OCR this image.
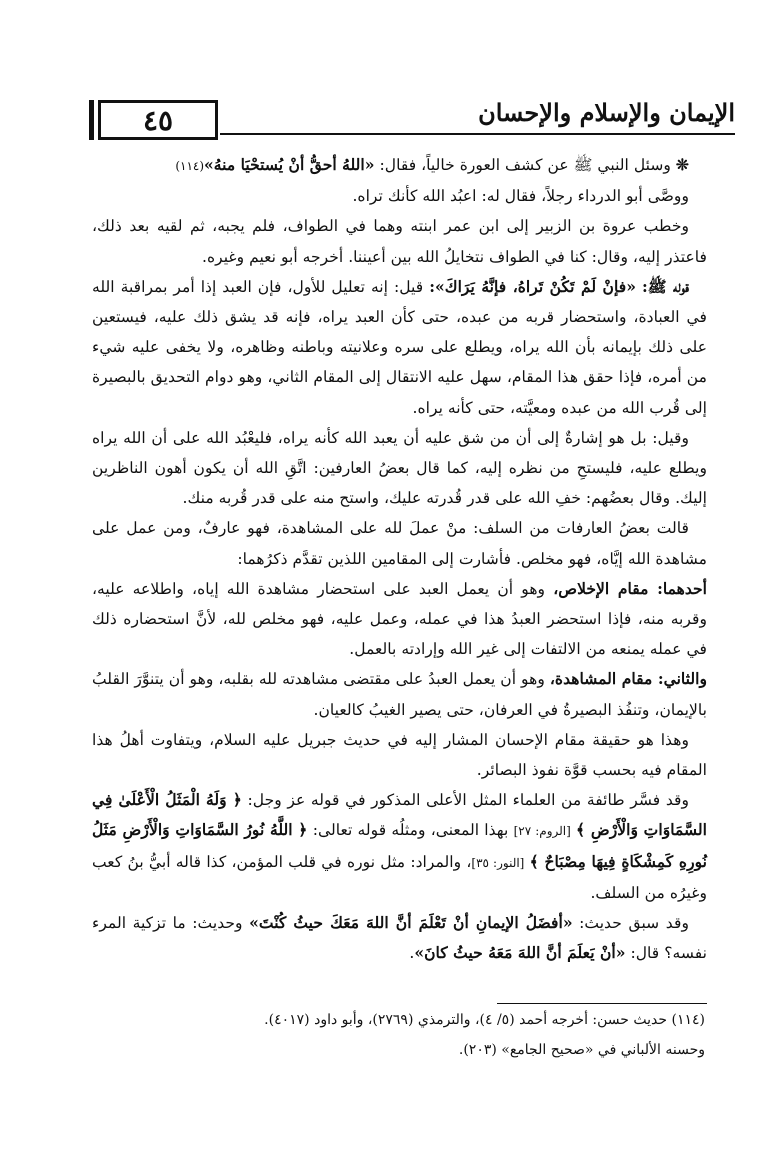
٤٥	الإيمان والإسلام والإحسان

❊ وسئل النبي ﷺ عن كشف العورة خالياً، فقال: «اللهُ أحقُّ أنْ يُستحْيَا منهُ»(١١٤)

ووصَّى أبو الدرداء رجلاً، فقال له: اعبُد الله كأنك تراه.

وخطب عروة بن الزبير إلى ابن عمر ابنته وهما في الطواف، فلم يجبه، ثم لقيه بعد ذلك، فاعتذر إليه، وقال: كنا في الطواف نتخايلُ الله بين أعيننا. أخرجه أبو نعيم وغيره.

قوله ﷺ: «فإنْ لَمْ تَكُنْ تَراهُ، فإنَّهُ يَرَاكَ»: قيل: إنه تعليل للأول، فإن العبد إذا أمر بمراقبة الله في العبادة، واستحضار قربه من عبده، حتى كأن العبد يراه، فإنه قد يشق ذلك عليه، فيستعين على ذلك بإيمانه بأن الله يراه، ويطلع على سره وعلانيته وباطنه وظاهره، ولا يخفى عليه شيء من أمره، فإذا حقق هذا المقام، سهل عليه الانتقال إلى المقام الثاني، وهو دوام التحديق بالبصيرة إلى قُرب الله من عبده ومعيَّته، حتى كأنه يراه.

وقيل: بل هو إشارةٌ إلى أن من شق عليه أن يعبد الله كأنه يراه، فليعْبُد الله على أن الله يراه ويطلع عليه، فليستحِ من نظره إليه، كما قال بعضُ العارفين: اتَّقِ الله أن يكون أهون الناظرين إليك. وقال بعضُهم: خفِ الله على قدر قُدرته عليك، واستح منه على قدر قُربه منك.

قالت بعضُ العارفات من السلف: منْ عملَ لله على المشاهدة، فهو عارفٌ، ومن عمل على مشاهدة الله إيَّاه، فهو مخلص. فأشارت إلى المقامين اللذين تقدَّم ذكرُهما:

أحدهما: مقام الإخلاص، وهو أن يعمل العبد على استحضار مشاهدة الله إياه، واطلاعه عليه، وقربه منه، فإذا استحضر العبدُ هذا في عمله، وعمل عليه، فهو مخلص لله، لأنَّ استحضاره ذلك في عمله يمنعه من الالتفات إلى غير الله وإرادته بالعمل.

والثاني: مقام المشاهدة، وهو أن يعمل العبدُ على مقتضى مشاهدته لله بقلبه، وهو أن يتنوَّرَ القلبُ بالإيمان، وتنفُذ البصيرةُ في العرفان، حتى يصير الغيبُ كالعيان.

وهذا هو حقيقة مقام الإحسان المشار إليه في حديث جبريل عليه السلام، ويتفاوت أهلُ هذا المقام فيه بحسب قوَّة نفوذ البصائر.

وقد فسَّر طائفة من العلماء المثل الأعلى المذكور في قوله عز وجل: ﴿ وَلَهُ الْمَثَلُ الْأَعْلَىٰ فِي السَّمَاوَاتِ وَالْأَرْضِ ﴾ [الروم: ٢٧] بهذا المعنى، ومثلُه قوله تعالى: ﴿ اللَّهُ نُورُ السَّمَاوَاتِ وَالْأَرْضِ مَثَلُ نُورِهِ كَمِشْكَاةٍ فِيهَا مِصْبَاحٌ ﴾ [النور: ٣٥]، والمراد: مثل نوره في قلب المؤمن، كذا قاله أبيُّ بنُ كعب وغيرُه من السلف.

وقد سبق حديث: «أفضَلُ الإيمانِ أنْ تَعْلَمَ أنَّ اللهَ مَعَكَ حيثُ كُنْتَ» وحديث: ما تزكية المرء نفسه؟ قال: «أنْ يَعلَمَ أنَّ اللهَ مَعَهُ حيثُ كانَ».

(١١٤) حديث حسن: أخرجه أحمد (٥/ ٤)، والترمذي (٢٧٦٩)، وأبو داود (٤٠١٧).

وحسنه الألباني في «صحيح الجامع» (٢٠٣).
